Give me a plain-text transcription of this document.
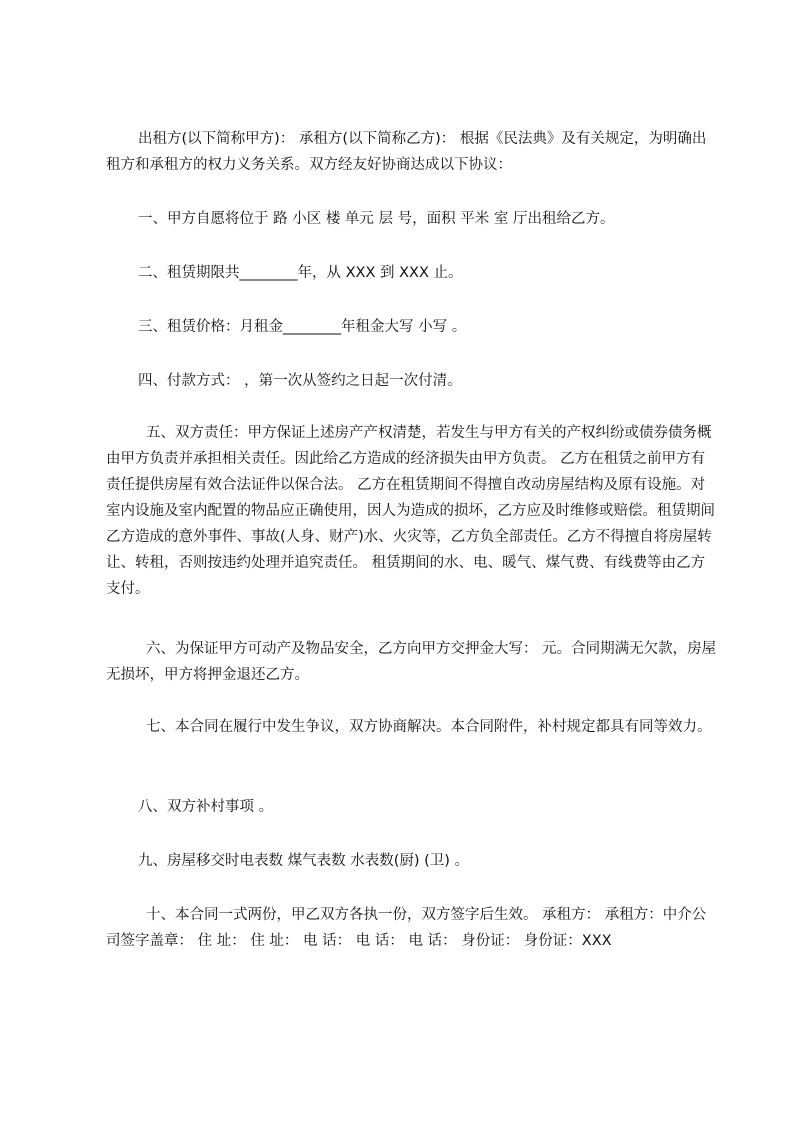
出租方(以下简称甲方)： 承租方(以下简称乙方)： 根据《民法典》及有关规定，为明确出租方和承租方的权力义务关系。双方经友好协商达成以下协议：

一、甲方自愿将位于 路 小区 楼 单元 层 号，面积 平米 室 厅出租给乙方。

二、租赁期限共________年，从 XXX 到 XXX 止。

三、租赁价格：月租金________年租金大写 小写 。

四、付款方式： ，第一次从签约之日起一次付清。

五、双方责任：甲方保证上述房产产权清楚，若发生与甲方有关的产权纠纷或债券债务概由甲方负责并承担相关责任。因此给乙方造成的经济损失由甲方负责。 乙方在租赁之前甲方有责任提供房屋有效合法证件以保合法。 乙方在租赁期间不得擅自改动房屋结构及原有设施。对室内设施及室内配置的物品应正确使用，因人为造成的损坏，乙方应及时维修或赔偿。租赁期间乙方造成的意外事件、事故(人身、财产)水、火灾等，乙方负全部责任。乙方不得擅自将房屋转让、转租，否则按违约处理并追究责任。 租赁期间的水、电、暖气、煤气费、有线费等由乙方支付。

六、为保证甲方可动产及物品安全，乙方向甲方交押金大写： 元。合同期满无欠款，房屋无损坏，甲方将押金退还乙方。

七、本合同在履行中发生争议，双方协商解决。本合同附件，补村规定都具有同等效力。

八、双方补村事项 。

九、房屋移交时电表数 煤气表数 水表数(厨) (卫) 。

十、本合同一式两份，甲乙双方各执一份，双方签字后生效。 承租方： 承租方：中介公司签字盖章： 住 址： 住 址： 电 话： 电 话： 电 话： 身份证： 身份证：XXX
